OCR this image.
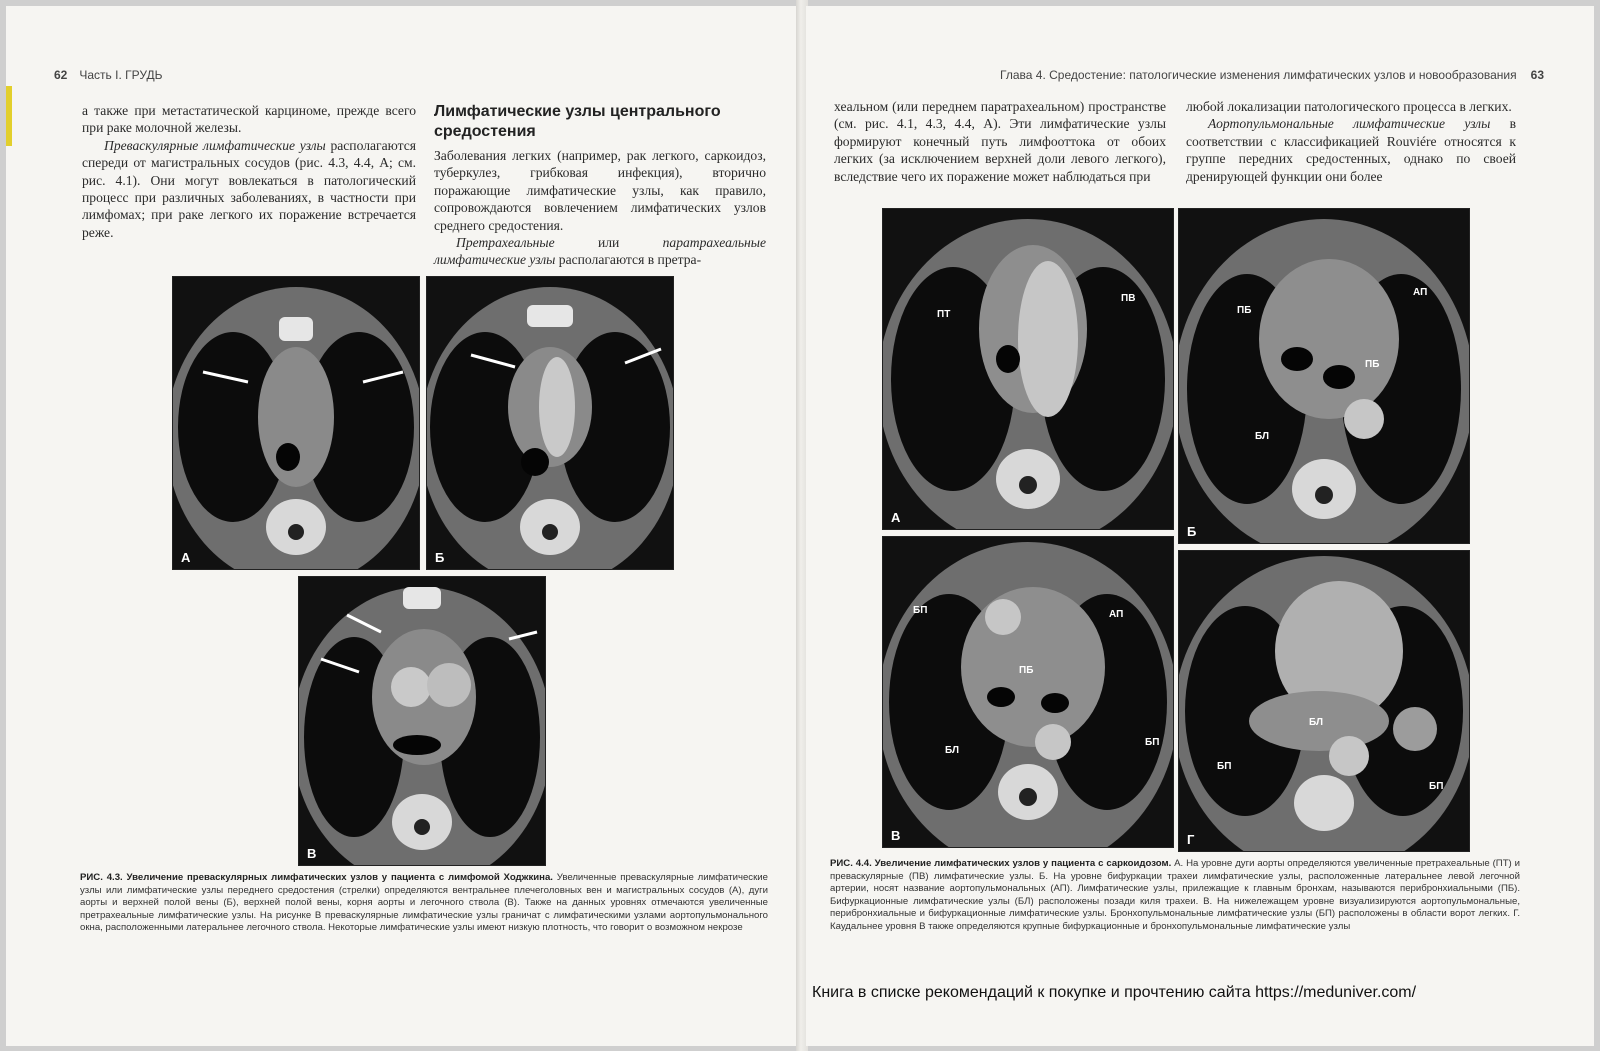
62 Часть I. ГРУДЬ

а также при метастатической карциноме, прежде всего при раке молочной железы.

Преваскулярные лимфатические узлы располагаются спереди от магистральных сосудов (рис. 4.3, 4.4, А; см. рис. 4.1). Они могут вовлекаться в патологический процесс при различных заболеваниях, в частности при лимфомах; при раке легкого их поражение встречается реже.

Лимфатические узлы центрального средостения

Заболевания легких (например, рак легкого, саркоидоз, туберкулез, грибковая инфекция), вторично поражающие лимфатические узлы, как правило, сопровождаются вовлечением лимфатических узлов среднего средостения.

Претрахеальные или паратрахеальные лимфатические узлы располагаются в претра-

А	Б
В
РИС. 4.3. Увеличение преваскулярных лимфатических узлов у пациента с лимфомой Ходжкина. Увеличенные преваскулярные лимфатические узлы или лимфатические узлы переднего средостения (стрелки) определяются вентральнее плечеголовных вен и магистральных сосудов (А), дуги аорты и верхней полой вены (Б), верхней полой вены, корня аорты и легочного ствола (В). Также на данных уровнях отмечаются увеличенные претрахеальные лимфатические узлы. На рисунке В преваскулярные лимфатические узлы граничат с лимфатическими узлами аортопульмонального окна, расположенными латеральнее легочного ствола. Некоторые лимфатические узлы имеют низкую плотность, что говорит о возможном некрозе
Глава 4. Средостение: патологические изменения лимфатических узлов и новообразования 63

хеальном (или переднем паратрахеальном) пространстве (см. рис. 4.1, 4.3, 4.4, А). Эти лимфатические узлы формируют конечный путь лимфооттока от обоих легких (за исключением верхней доли левого легкого), вследствие чего их поражение может наблюдаться при

любой локализации патологического процесса в легких.

Аортопульмональные лимфатические узлы в соответствии с классификацией Rouviére относятся к группе передних средостенных, однако по своей дренирующей функции они более

ПТ
ПВ
А
ПБ
АП
ПБ
БЛ
Б
БП	АП
ПБ
БЛ
БП
В
БЛ
БП
БП
Г
РИС. 4.4. Увеличение лимфатических узлов у пациента с саркоидозом. А. На уровне дуги аорты определяются увеличенные претрахеальные (ПТ) и преваскулярные (ПВ) лимфатические узлы. Б. На уровне бифуркации трахеи лимфатические узлы, расположенные латеральнее левой легочной артерии, носят название аортопульмональных (АП). Лимфатические узлы, прилежащие к главным бронхам, называются перибронхиальными (ПБ). Бифуркационные лимфатические узлы (БЛ) расположены позади киля трахеи. В. На нижележащем уровне визуализируются аортопульмональные, перибронхиальные и бифуркационные лимфатические узлы. Бронхопульмональные лимфатические узлы (БП) расположены в области ворот легких. Г. Каудальнее уровня В также определяются крупные бифуркационные и бронхопульмональные лимфатические узлы
Книга в списке рекомендаций к покупке и прочтению сайта https://meduniver.com/
